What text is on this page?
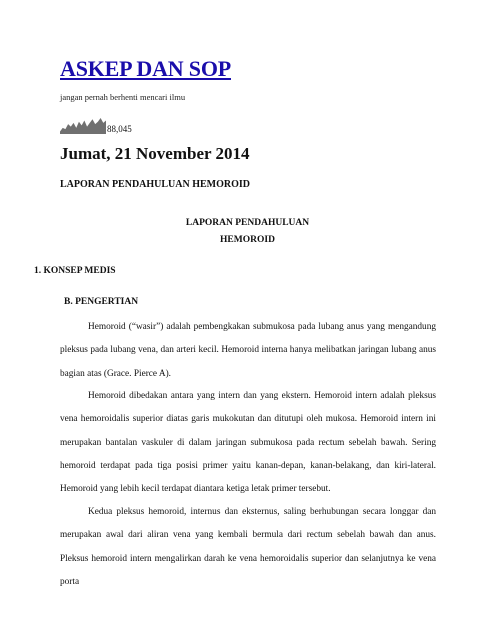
ASKEP DAN SOP
jangan pernah berhenti mencari ilmu
88,045
Jumat, 21 November 2014
LAPORAN PENDAHULUAN HEMOROID
LAPORAN PENDAHULUAN
HEMOROID
1. KONSEP MEDIS
B. PENGERTIAN

Hemoroid (“wasir”) adalah pembengkakan submukosa pada lubang anus yang mengandung pleksus pada lubang vena, dan arteri kecil. Hemoroid interna hanya melibatkan jaringan lubang anus bagian atas (Grace. Pierce A).

Hemoroid dibedakan antara yang intern dan yang ekstern. Hemoroid intern adalah pleksus vena hemoroidalis superior diatas garis mukokutan dan ditutupi oleh mukosa. Hemoroid intern ini merupakan bantalan vaskuler di dalam jaringan submukosa pada rectum sebelah bawah. Sering hemoroid terdapat pada tiga posisi primer yaitu kanan-depan, kanan-belakang, dan kiri-lateral. Hemoroid yang lebih kecil terdapat diantara ketiga letak primer tersebut.

Kedua pleksus hemoroid, internus dan eksternus, saling berhubungan secara longgar dan merupakan awal dari aliran vena yang kembali bermula dari rectum sebelah bawah dan anus. Pleksus hemoroid intern mengalirkan darah ke vena hemoroidalis superior dan selanjutnya ke vena porta
